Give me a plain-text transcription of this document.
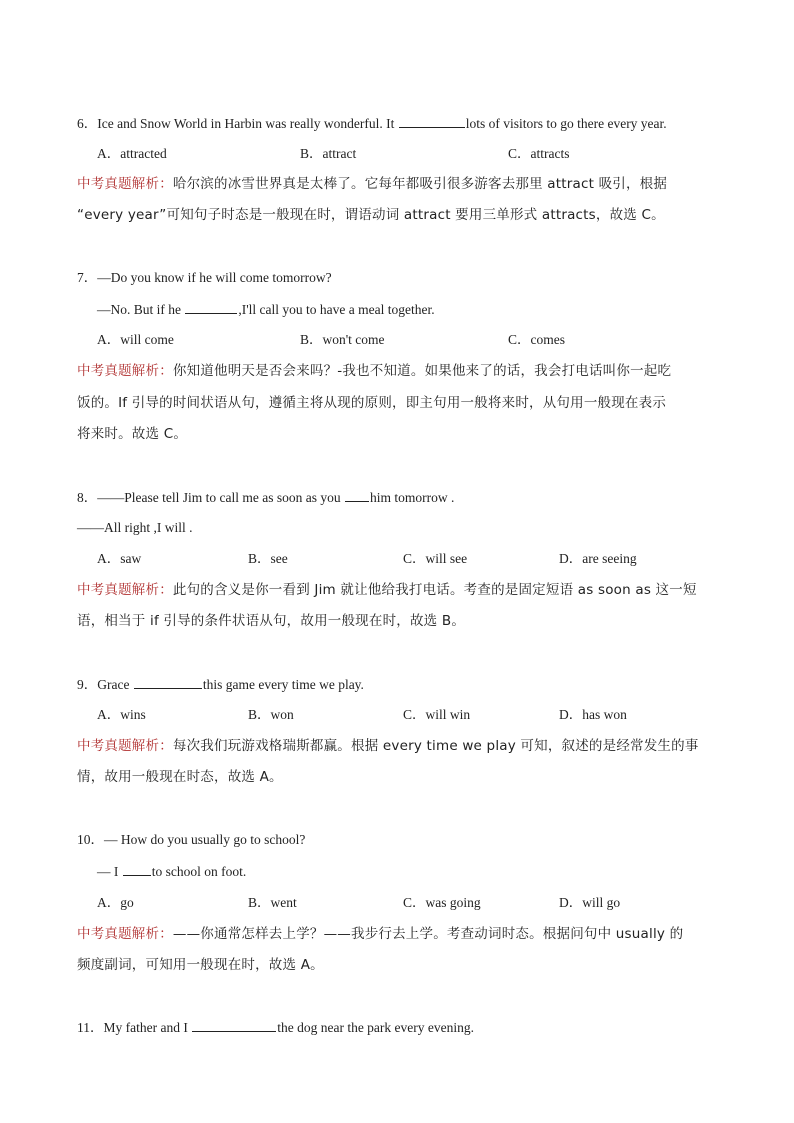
6．Ice and Snow World in Harbin was really wonderful. It	lots of visitors to go there every year.
A．attracted	B．attract	C．attracts
中考真题解析：哈尔滨的冰雪世界真是太棒了。它每年都吸引很多游客去那里 attract 吸引，根据
“every year”可知句子时态是一般现在时，谓语动词 attract 要用三单形式 attracts，故选 C。
7．—Do you know if he will come tomorrow?
—No. But if he	,I'll call you to have a meal together.
A．will come	B．won't come	C．comes
中考真题解析：你知道他明天是否会来吗？-我也不知道。如果他来了的话，我会打电话叫你一起吃
饭的。If 引导的时间状语从句，遵循主将从现的原则，即主句用一般将来时，从句用一般现在表示
将来时。故选 C。
8．——Please tell Jim to call me as soon as you him tomorrow .
——All right ,I will .
A．saw	B．see	C．will see	D．are seeing
中考真题解析：此句的含义是你一看到 Jim 就让他给我打电话。考查的是固定短语 as soon as 这一短
语，相当于 if 引导的条件状语从句，故用一般现在时，故选 B。
9．Grace	this game every time we play.
A．wins	B．won	C．will win	D．has won
中考真题解析：每次我们玩游戏格瑞斯都赢。根据 every time we play 可知，叙述的是经常发生的事
情，故用一般现在时态，故选 A。
10．— How do you usually go to school?
— I to school on foot.
A．go	B．went	C．was going	D．will go
中考真题解析：——你通常怎样去上学？——我步行去上学。考查动词时态。根据问句中 usually 的
频度副词，可知用一般现在时，故选 A。
11．My father and I	the dog near the park every evening.
